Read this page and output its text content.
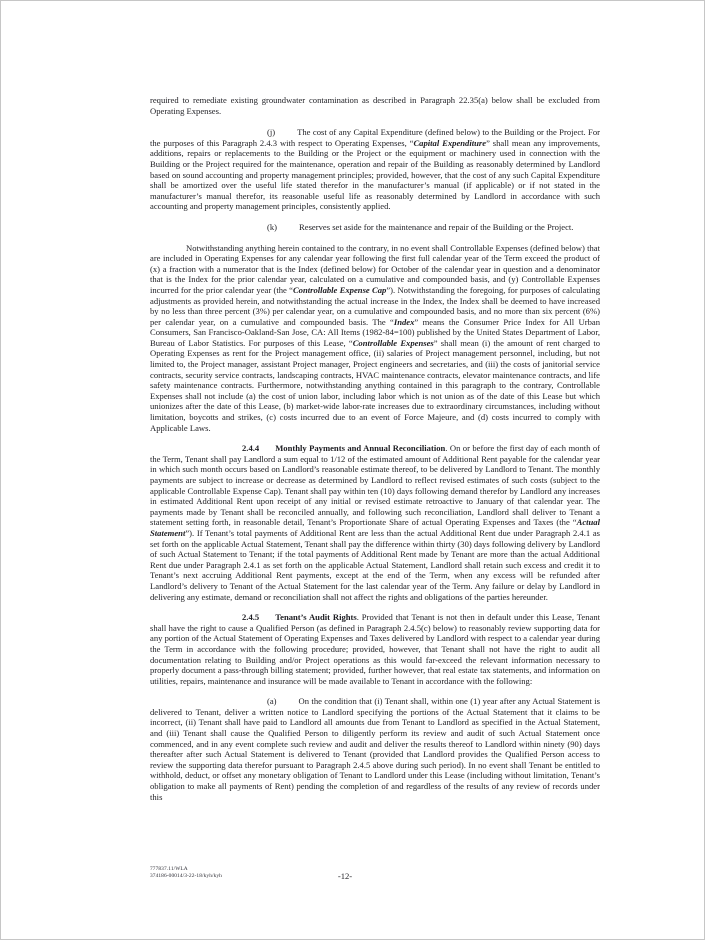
required to remediate existing groundwater contamination as described in Paragraph 22.35(a) below shall be excluded from Operating Expenses.

(j)	The cost of any Capital Expenditure (defined below) to the Building or the Project. For the purposes of this Paragraph 2.4.3 with respect to Operating Expenses, “Capital Expenditure” shall mean any improvements, additions, repairs or replacements to the Building or the Project or the equipment or machinery used in connection with the Building or the Project required for the maintenance, operation and repair of the Building as reasonably determined by Landlord based on sound accounting and property management principles; provided, however, that the cost of any such Capital Expenditure shall be amortized over the useful life stated therefor in the manufacturer’s manual (if applicable) or if not stated in the manufacturer’s manual therefor, its reasonable useful life as reasonably determined by Landlord in accordance with such accounting and property management principles, consistently applied.

(k)	Reserves set aside for the maintenance and repair of the Building or the Project.

Notwithstanding anything herein contained to the contrary, in no event shall Controllable Expenses (defined below) that are included in Operating Expenses for any calendar year following the first full calendar year of the Term exceed the product of (x) a fraction with a numerator that is the Index (defined below) for October of the calendar year in question and a denominator that is the Index for the prior calendar year, calculated on a cumulative and compounded basis, and (y) Controllable Expenses incurred for the prior calendar year (the “Controllable Expense Cap”). Notwithstanding the foregoing, for purposes of calculating adjustments as provided herein, and notwithstanding the actual increase in the Index, the Index shall be deemed to have increased by no less than three percent (3%) per calendar year, on a cumulative and compounded basis, and no more than six percent (6%) per calendar year, on a cumulative and compounded basis. The “Index” means the Consumer Price Index for All Urban Consumers, San Francisco-Oakland-San Jose, CA: All Items (1982-84=100) published by the United States Department of Labor, Bureau of Labor Statistics. For purposes of this Lease, “Controllable Expenses” shall mean (i) the amount of rent charged to Operating Expenses as rent for the Project management office, (ii) salaries of Project management personnel, including, but not limited to, the Project manager, assistant Project manager, Project engineers and secretaries, and (iii) the costs of janitorial service contracts, security service contracts, landscaping contracts, HVAC maintenance contracts, elevator maintenance contracts, and life safety maintenance contracts. Furthermore, notwithstanding anything contained in this paragraph to the contrary, Controllable Expenses shall not include (a) the cost of union labor, including labor which is not union as of the date of this Lease but which unionizes after the date of this Lease, (b) market-wide labor-rate increases due to extraordinary circumstances, including without limitation, boycotts and strikes, (c) costs incurred due to an event of Force Majeure, and (d) costs incurred to comply with Applicable Laws.

2.4.4 Monthly Payments and Annual Reconciliation. On or before the first day of each month of the Term, Tenant shall pay Landlord a sum equal to 1/12 of the estimated amount of Additional Rent payable for the calendar year in which such month occurs based on Landlord’s reasonable estimate thereof, to be delivered by Landlord to Tenant. The monthly payments are subject to increase or decrease as determined by Landlord to reflect revised estimates of such costs (subject to the applicable Controllable Expense Cap). Tenant shall pay within ten (10) days following demand therefor by Landlord any increases in estimated Additional Rent upon receipt of any initial or revised estimate retroactive to January of that calendar year. The payments made by Tenant shall be reconciled annually, and following such reconciliation, Landlord shall deliver to Tenant a statement setting forth, in reasonable detail, Tenant’s Proportionate Share of actual Operating Expenses and Taxes (the “Actual Statement”). If Tenant’s total payments of Additional Rent are less than the actual Additional Rent due under Paragraph 2.4.1 as set forth on the applicable Actual Statement, Tenant shall pay the difference within thirty (30) days following delivery by Landlord of such Actual Statement to Tenant; if the total payments of Additional Rent made by Tenant are more than the actual Additional Rent due under Paragraph 2.4.1 as set forth on the applicable Actual Statement, Landlord shall retain such excess and credit it to Tenant’s next accruing Additional Rent payments, except at the end of the Term, when any excess will be refunded after Landlord’s delivery to Tenant of the Actual Statement for the last calendar year of the Term. Any failure or delay by Landlord in delivering any estimate, demand or reconciliation shall not affect the rights and obligations of the parties hereunder.

2.4.5 Tenant’s Audit Rights. Provided that Tenant is not then in default under this Lease, Tenant shall have the right to cause a Qualified Person (as defined in Paragraph 2.4.5(c) below) to reasonably review supporting data for any portion of the Actual Statement of Operating Expenses and Taxes delivered by Landlord with respect to a calendar year during the Term in accordance with the following procedure; provided, however, that Tenant shall not have the right to audit all documentation relating to Building and/or Project operations as this would far-exceed the relevant information necessary to properly document a pass-through billing statement; provided, further however, that real estate tax statements, and information on utilities, repairs, maintenance and insurance will be made available to Tenant in accordance with the following:

(a)	On the condition that (i) Tenant shall, within one (1) year after any Actual Statement is delivered to Tenant, deliver a written notice to Landlord specifying the portions of the Actual Statement that it claims to be incorrect, (ii) Tenant shall have paid to Landlord all amounts due from Tenant to Landlord as specified in the Actual Statement, and (iii) Tenant shall cause the Qualified Person to diligently perform its review and audit of such Actual Statement once commenced, and in any event complete such review and audit and deliver the results thereof to Landlord within ninety (90) days thereafter after such Actual Statement is delivered to Tenant (provided that Landlord provides the Qualified Person access to review the supporting data therefor pursuant to Paragraph 2.4.5 above during such period). In no event shall Tenant be entitled to withhold, deduct, or offset any monetary obligation of Tenant to Landlord under this Lease (including without limitation, Tenant’s obligation to make all payments of Rent) pending the completion of and regardless of the results of any review of records under this

777837.11/WLA
374186-00014/3-22-18/kyh/kyh	-12-
